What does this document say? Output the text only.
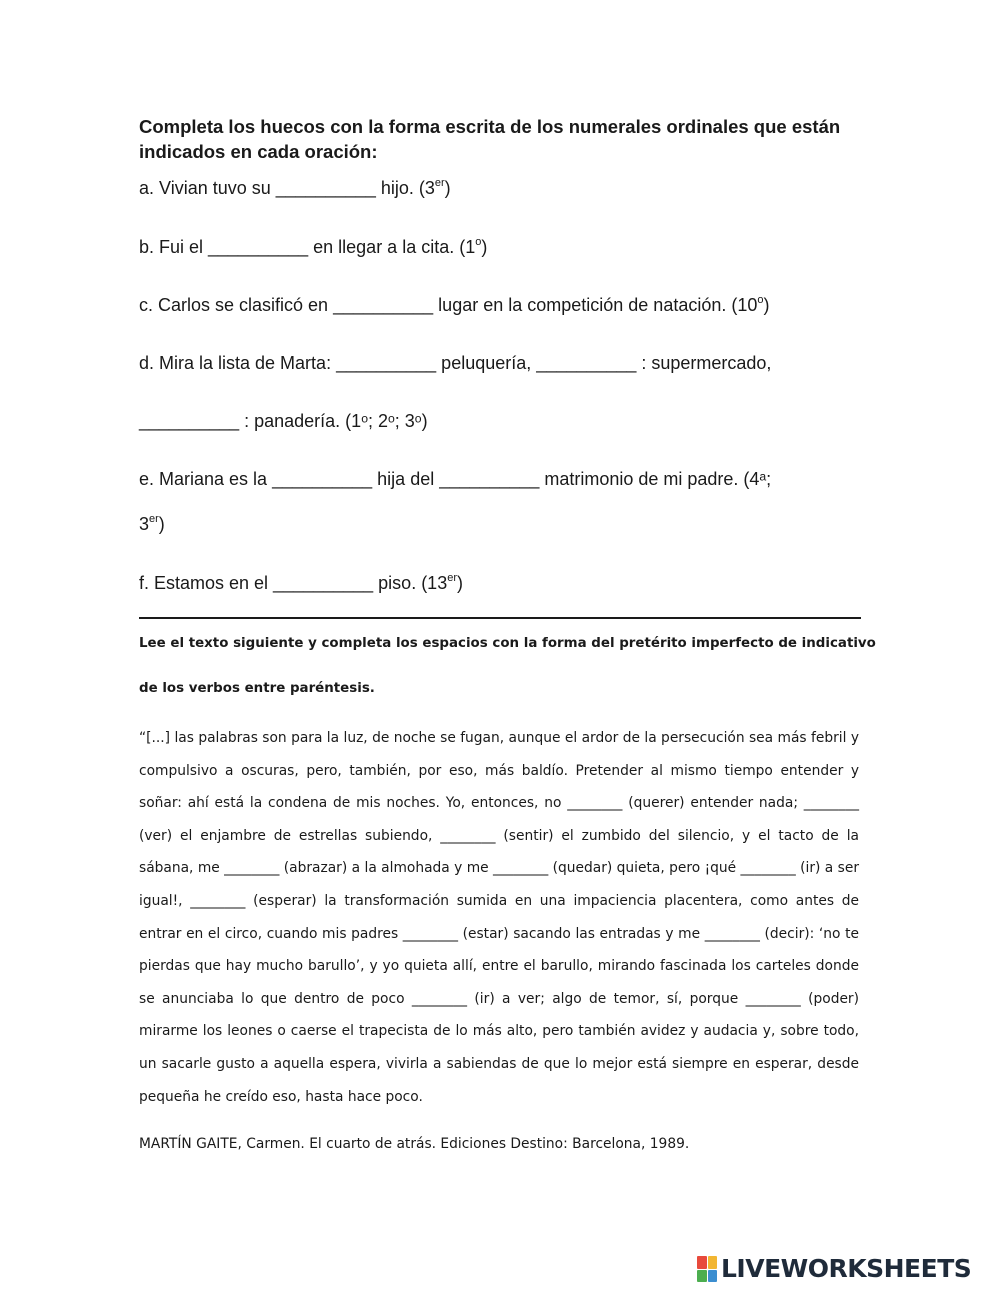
Completa los huecos con la forma escrita de los numerales ordinales que están indicados en cada oración:
a. Vivian tuvo su __________ hijo. (3er)
b. Fui el __________ en llegar a la cita. (1$^o$)
c. Carlos se clasificó en __________ lugar en la competición de natación. (10$^o$)
d. Mira la lista de Marta: __________ peluquería, __________ : supermercado,
__________ : panadería. (1ᵒ; 2ᵒ; 3ᵒ)
e. Mariana es la __________ hija del __________ matrimonio de mi padre. (4ᵃ;
3er)
f. Estamos en el __________ piso. (13er)
Lee el texto siguiente y completa los espacios con la forma del pretérito imperfecto de indicativo
de los verbos entre paréntesis.
“[...] las palabras son para la luz, de noche se fugan, aunque el ardor de la persecución sea más febril y compulsivo a oscuras, pero, también, por eso, más baldío. Pretender al mismo tiempo entender y soñar: ahí está la condena de mis noches. Yo, entonces, no ________ (querer) entender nada; ________ (ver) el enjambre de estrellas subiendo, ________ (sentir) el zumbido del silencio, y el tacto de la sábana, me ________ (abrazar) a la almohada y me ________ (quedar) quieta, pero ¡qué ________ (ir) a ser igual!, ________ (esperar) la transformación sumida en una impaciencia placentera, como antes de entrar en el circo, cuando mis padres ________ (estar) sacando las entradas y me ________ (decir): ‘no te pierdas que hay mucho barullo’, y yo quieta allí, entre el barullo, mirando fascinada los carteles donde se anunciaba lo que dentro de poco ________ (ir) a ver; algo de temor, sí, porque ________ (poder) mirarme los leones o caerse el trapecista de lo más alto, pero también avidez y audacia y, sobre todo, un sacarle gusto a aquella espera, vivirla a sabiendas de que lo mejor está siempre en esperar, desde pequeña he creído eso, hasta hace poco.
MARTÍN GAITE, Carmen. El cuarto de atrás. Ediciones Destino: Barcelona, 1989.
LIVEWORKSHEETS
